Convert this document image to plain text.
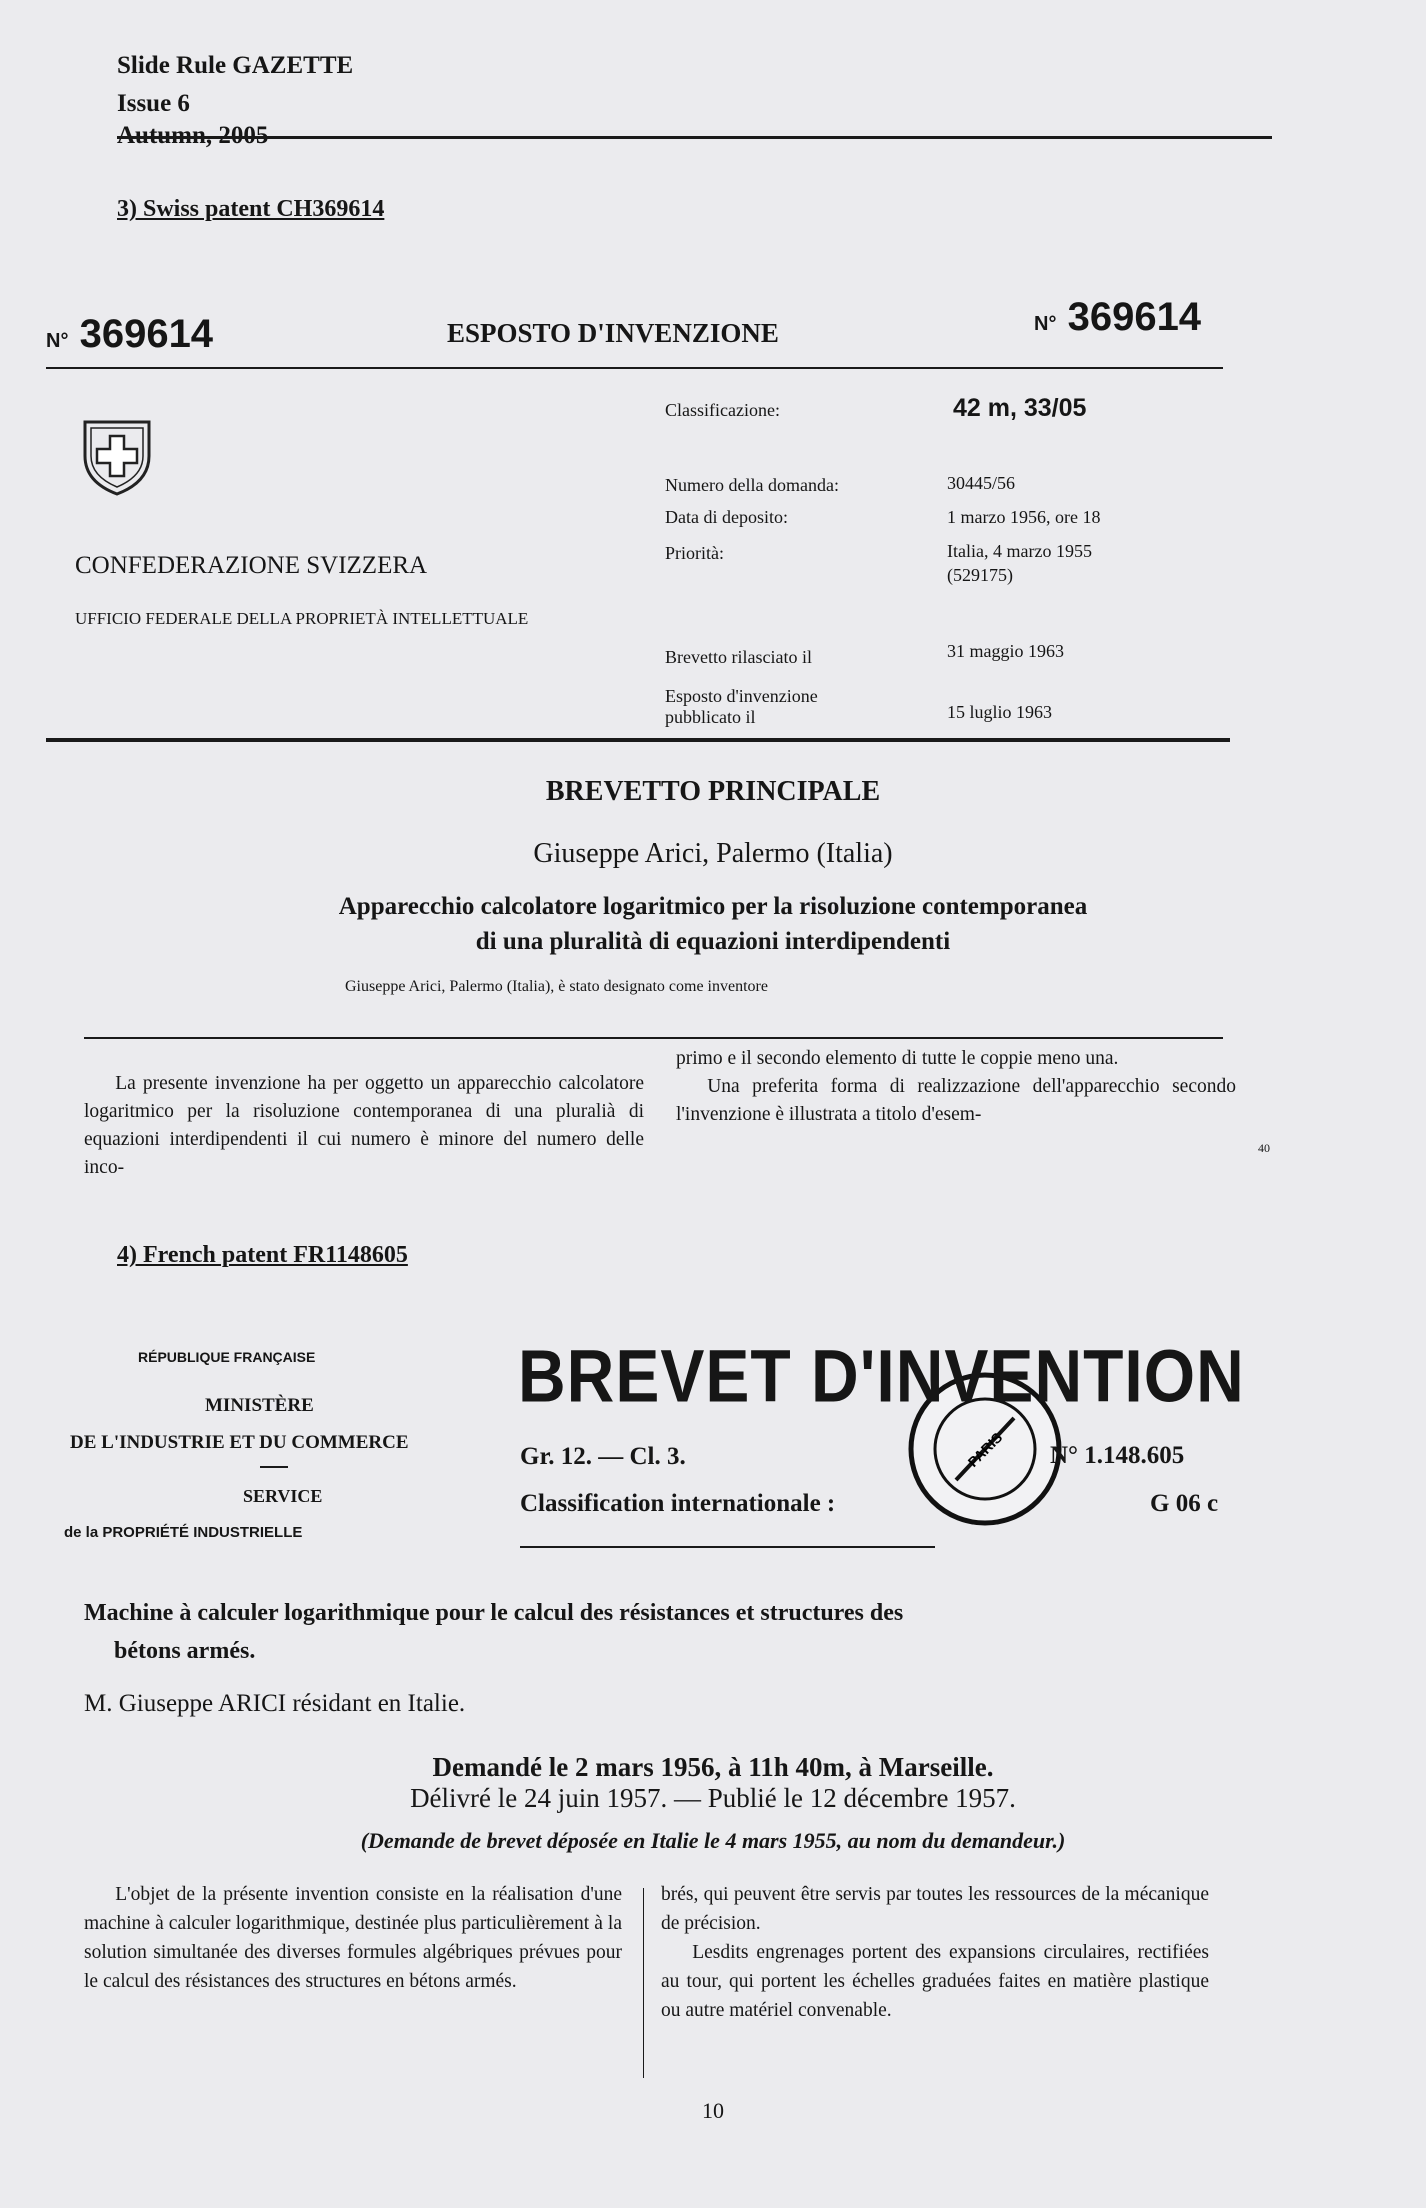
Slide Rule GAZETTE
Issue 6
3) Swiss patent CH369614
N° 369614	ESPOSTO D'INVENZIONE	N° 369614
CONFEDERAZIONE SVIZZERA
UFFICIO FEDERALE DELLA PROPRIETÀ INTELLETTUALE
Classificazione:	42 m, 33/05
Numero della domanda:	30445/56
Data di deposito:	1 marzo 1956, ore 18
Priorità:	Italia, 4 marzo 1955
(529175)
Brevetto rilasciato il	31 maggio 1963
Esposto d'invenzione
pubblicato il	15 luglio 1963
BREVETTO PRINCIPALE
Giuseppe Arici, Palermo (Italia)
Apparecchio calcolatore logaritmico per la risoluzione contemporanea
di una pluralità di equazioni interdipendenti
Giuseppe Arici, Palermo (Italia), è stato designato come inventore

La presente invenzione ha per oggetto un apparecchio calcolatore logaritmico per la risoluzione contemporanea di una pluralià di equazioni interdipendenti il cui numero è minore del numero delle inco-

primo e il secondo elemento di tutte le coppie meno una.

Una preferita forma di realizzazione dell'apparecchio secondo l'invenzione è illustrata a titolo d'esem-

40
4) French patent FR1148605
RÉPUBLIQUE FRANÇAISE
MINISTÈRE
DE L'INDUSTRIE ET DU COMMERCE
SERVICE
de la PROPRIÉTÉ INDUSTRIELLE
PARIS
BREVET D'INVENTION
Gr. 12. — Cl. 3.
Classification internationale :
N° 1.148.605
G 06 c
Machine à calculer logarithmique pour le calcul des résistances et structures des
bétons armés.
M. Giuseppe ARICI résidant en Italie.
Demandé le 2 mars 1956, à 11h 40m, à Marseille.
Délivré le 24 juin 1957. — Publié le 12 décembre 1957.
(Demande de brevet déposée en Italie le 4 mars 1955, au nom du demandeur.)

L'objet de la présente invention consiste en la réalisation d'une machine à calculer logarithmique, destinée plus particulièrement à la solution simultanée des diverses formules algébriques prévues pour le calcul des résistances des structures en bétons armés.

brés, qui peuvent être servis par toutes les ressources de la mécanique de précision.

Lesdits engrenages portent des expansions circulaires, rectifiées au tour, qui portent les échelles graduées faites en matière plastique ou autre matériel convenable.

10
